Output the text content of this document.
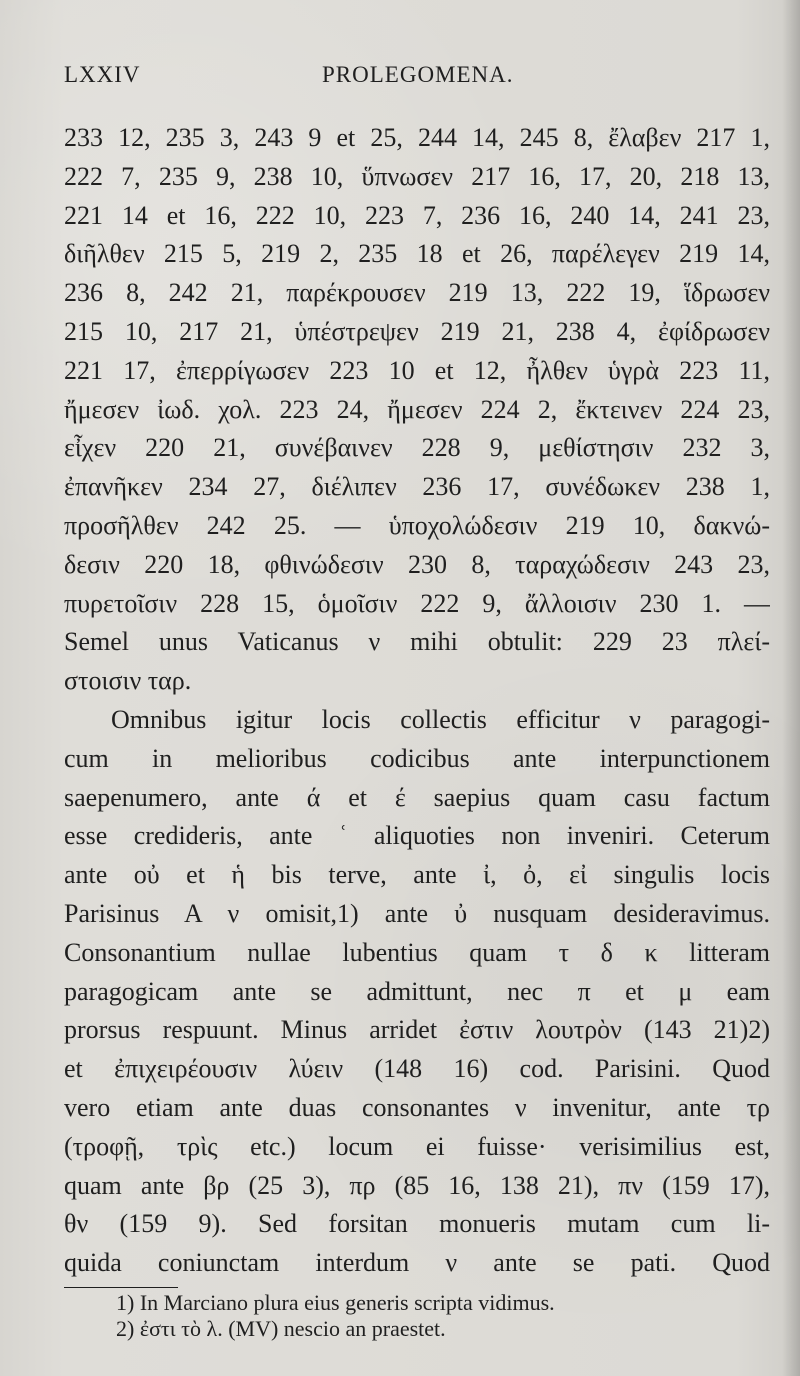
LXXIV	PROLEGOMENA.
233 12, 235 3, 243 9 et 25, 244 14, 245 8, ἔλαβεν 217 1,
222 7, 235 9, 238 10, ὕπνωσεν 217 16, 17, 20, 218 13,
221 14 et 16, 222 10, 223 7, 236 16, 240 14, 241 23,
διῆλθεν 215 5, 219 2, 235 18 et 26, παρέλεγεν 219 14,
236 8, 242 21, παρέκρουσεν 219 13, 222 19, ἵδρωσεν
215 10, 217 21, ὑπέστρεψεν 219 21, 238 4, ἐφίδρωσεν
221 17, ἐπερρίγωσεν 223 10 et 12, ἦλθεν ὑγρὰ 223 11,
ἤμεσεν ἰωδ. χολ. 223 24, ἤμεσεν 224 2, ἔκτεινεν 224 23,
εἶχεν 220 21, συνέβαινεν 228 9, μεθίστησιν 232 3,
ἐπανῆκεν 234 27, διέλιπεν 236 17, συνέδωκεν 238 1,
προσῆλθεν 242 25. — ὑποχολώδεσιν 219 10, δακνώ-
δεσιν 220 18, φθινώδεσιν 230 8, ταραχώδεσιν 243 23,
πυρετοῖσιν 228 15, ὁμοῖσιν 222 9, ἄλλοισιν 230 1. —
Semel unus Vaticanus ν mihi obtulit: 229 23 πλεί-
στοισιν ταρ.
Omnibus igitur locis collectis efficitur ν paragogi-
cum in melioribus codicibus ante interpunctionem
saepenumero, ante ά et έ saepius quam casu factum
esse credideris, ante ʿ aliquoties non inveniri. Ceterum
ante οὐ et ἡ bis terve, ante ἰ, ὀ, εἰ singulis locis
Parisinus A ν omisit,1) ante ὐ nusquam desideravimus.
Consonantium nullae lubentius quam τ δ κ litteram
paragogicam ante se admittunt, nec π et μ eam
prorsus respuunt. Minus arridet ἐστιν λουτρὸν (143 21)2)
et ἐπιχειρέουσιν λύειν (148 16) cod. Parisini. Quod
vero etiam ante duas consonantes ν invenitur, ante τρ
(τροφῇ, τρὶς etc.) locum ei fuisse· verisimilius est,
quam ante βρ (25 3), πρ (85 16, 138 21), πν (159 17),
θν (159 9). Sed forsitan monueris mutam cum li-
quida coniunctam interdum ν ante se pati. Quod
1) In Marciano plura eius generis scripta vidimus.
2) ἐστι τὸ λ. (MV) nescio an praestet.
